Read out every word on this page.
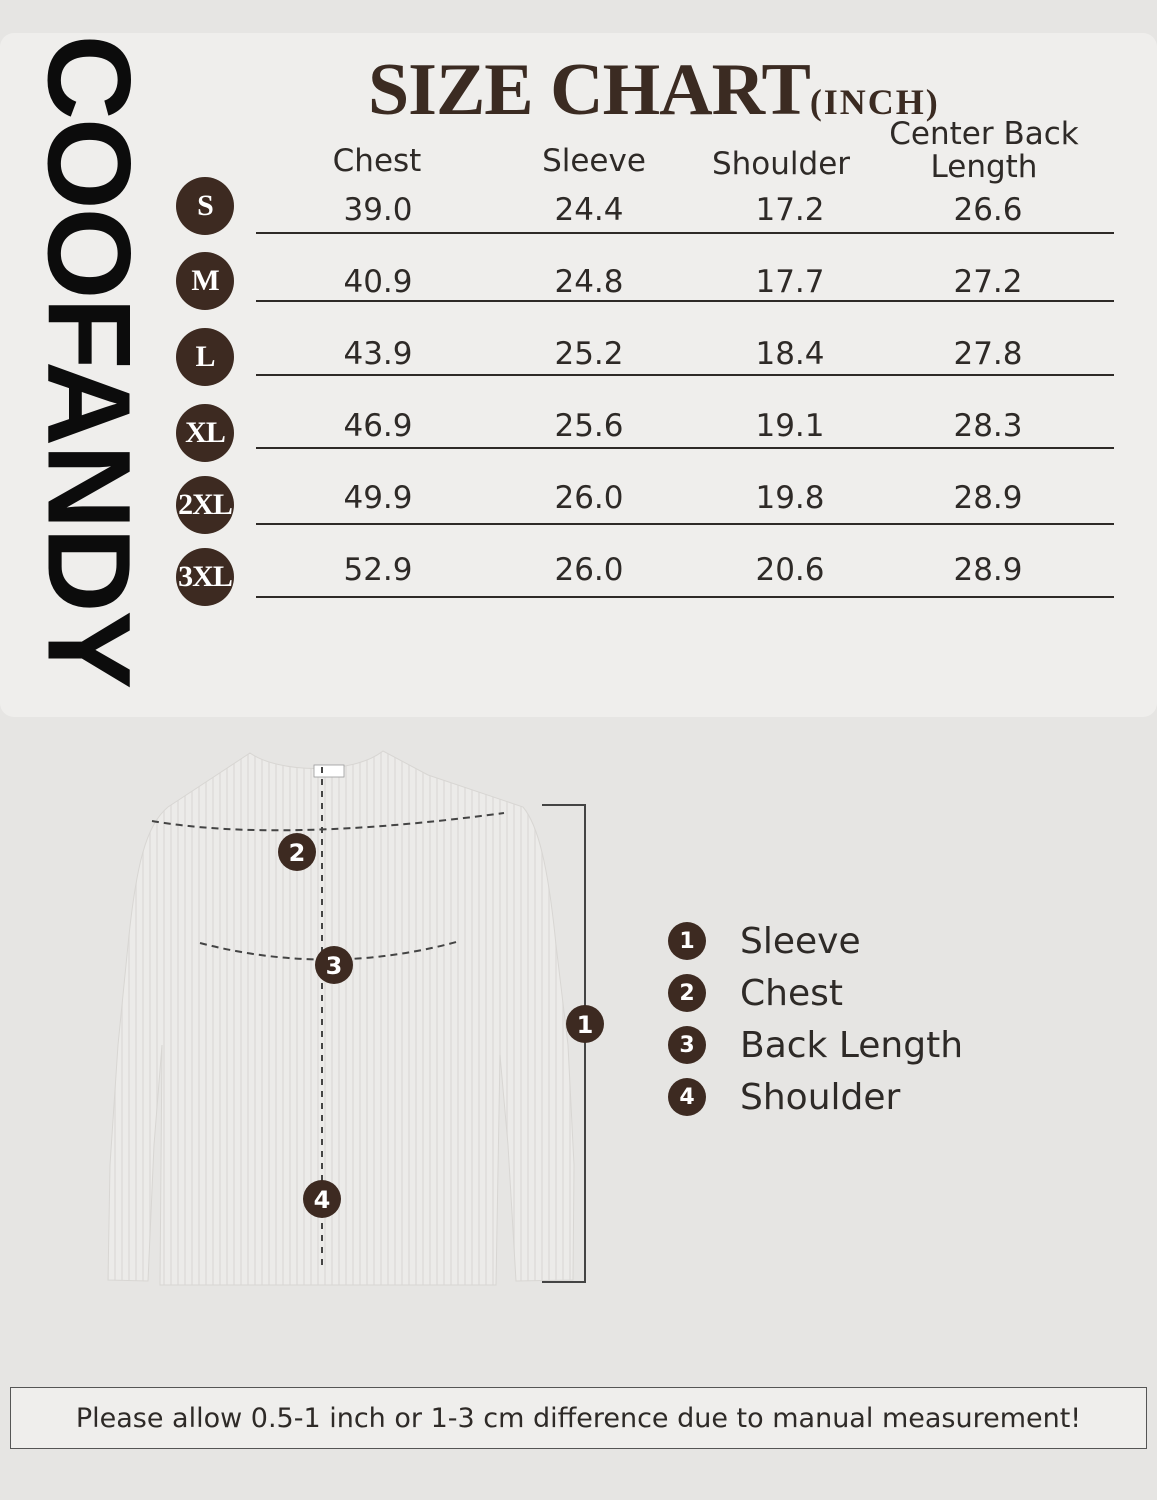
COOFANDY	SIZE CHART(INCH)
Chest	Sleeve	Shoulder
Center Back
Length
S	39.0	24.4	17.2	26.6
M	40.9	24.8	17.7	27.2
L	43.9	25.2	18.4	27.8
XL	46.9	25.6	19.1	28.3
2XL	49.9	26.0	19.8	28.9
3XL	52.9	26.0	20.6	28.9
2
3
4
1
1	Sleeve
2	Chest
3	Back Length
4	Shoulder
Please allow 0.5-1 inch or 1-3 cm difference due to manual measurement!
